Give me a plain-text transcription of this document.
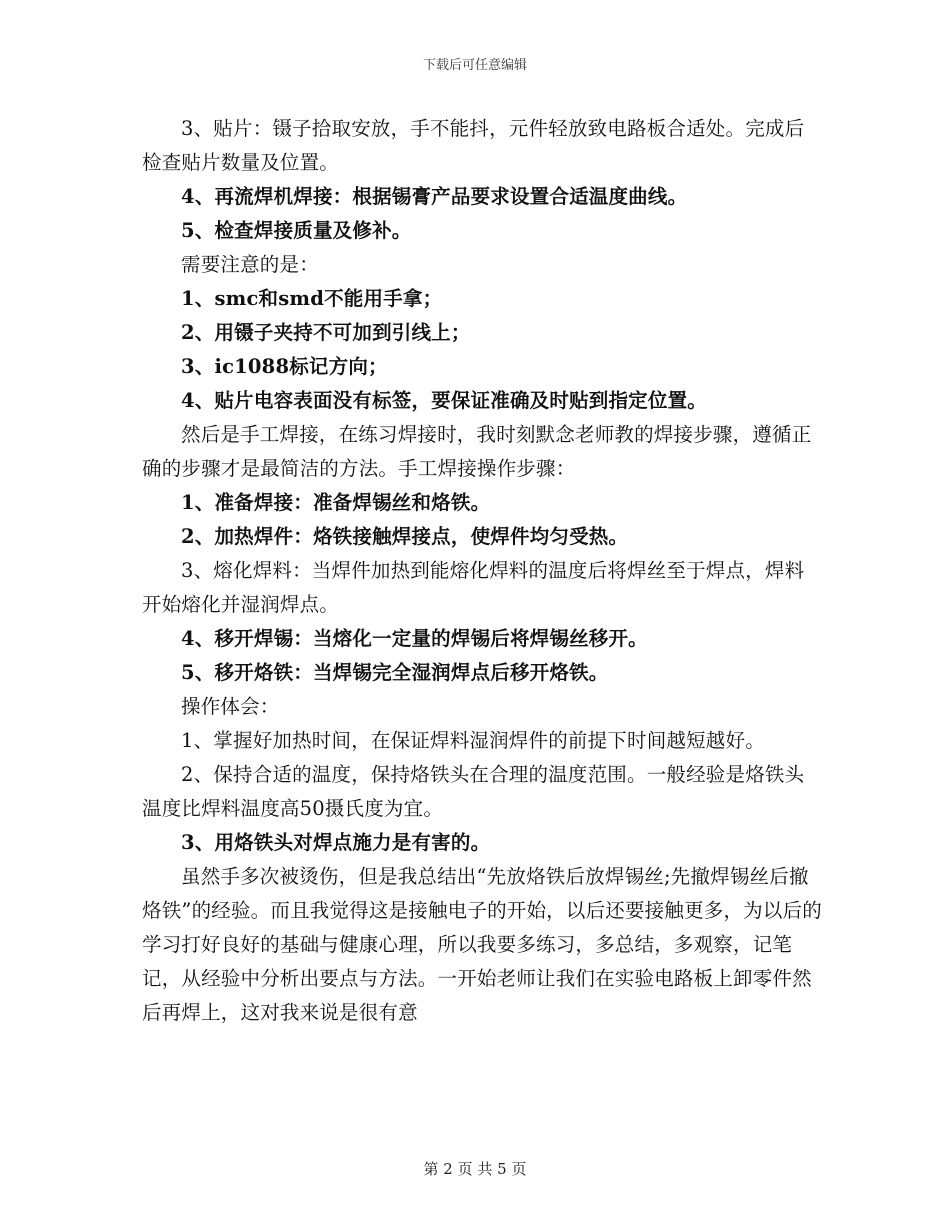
下载后可任意编辑

3、贴片：镊子拾取安放，手不能抖，元件轻放致电路板合适处。完成后检查贴片数量及位置。

4、再流焊机焊接：根据锡膏产品要求设置合适温度曲线。

5、检查焊接质量及修补。

需要注意的是：

1、smc和smd不能用手拿；

2、用镊子夹持不可加到引线上；

3、ic1088标记方向；

4、贴片电容表面没有标签，要保证准确及时贴到指定位置。

然后是手工焊接，在练习焊接时，我时刻默念老师教的焊接步骤，遵循正确的步骤才是最简洁的方法。手工焊接操作步骤：

1、准备焊接：准备焊锡丝和烙铁。

2、加热焊件：烙铁接触焊接点，使焊件均匀受热。

3、熔化焊料：当焊件加热到能熔化焊料的温度后将焊丝至于焊点，焊料开始熔化并湿润焊点。

4、移开焊锡：当熔化一定量的焊锡后将焊锡丝移开。

5、移开烙铁：当焊锡完全湿润焊点后移开烙铁。

操作体会：

1、掌握好加热时间，在保证焊料湿润焊件的前提下时间越短越好。

2、保持合适的温度，保持烙铁头在合理的温度范围。一般经验是烙铁头温度比焊料温度高50摄氏度为宜。

3、用烙铁头对焊点施力是有害的。

虽然手多次被烫伤，但是我总结出“先放烙铁后放焊锡丝;先撤焊锡丝后撤烙铁”的经验。而且我觉得这是接触电子的开始，以后还要接触更多，为以后的学习打好良好的基础与健康心理，所以我要多练习，多总结，多观察，记笔记，从经验中分析出要点与方法。一开始老师让我们在实验电路板上卸零件然后再焊上，这对我来说是很有意

第 2 页 共 5 页
